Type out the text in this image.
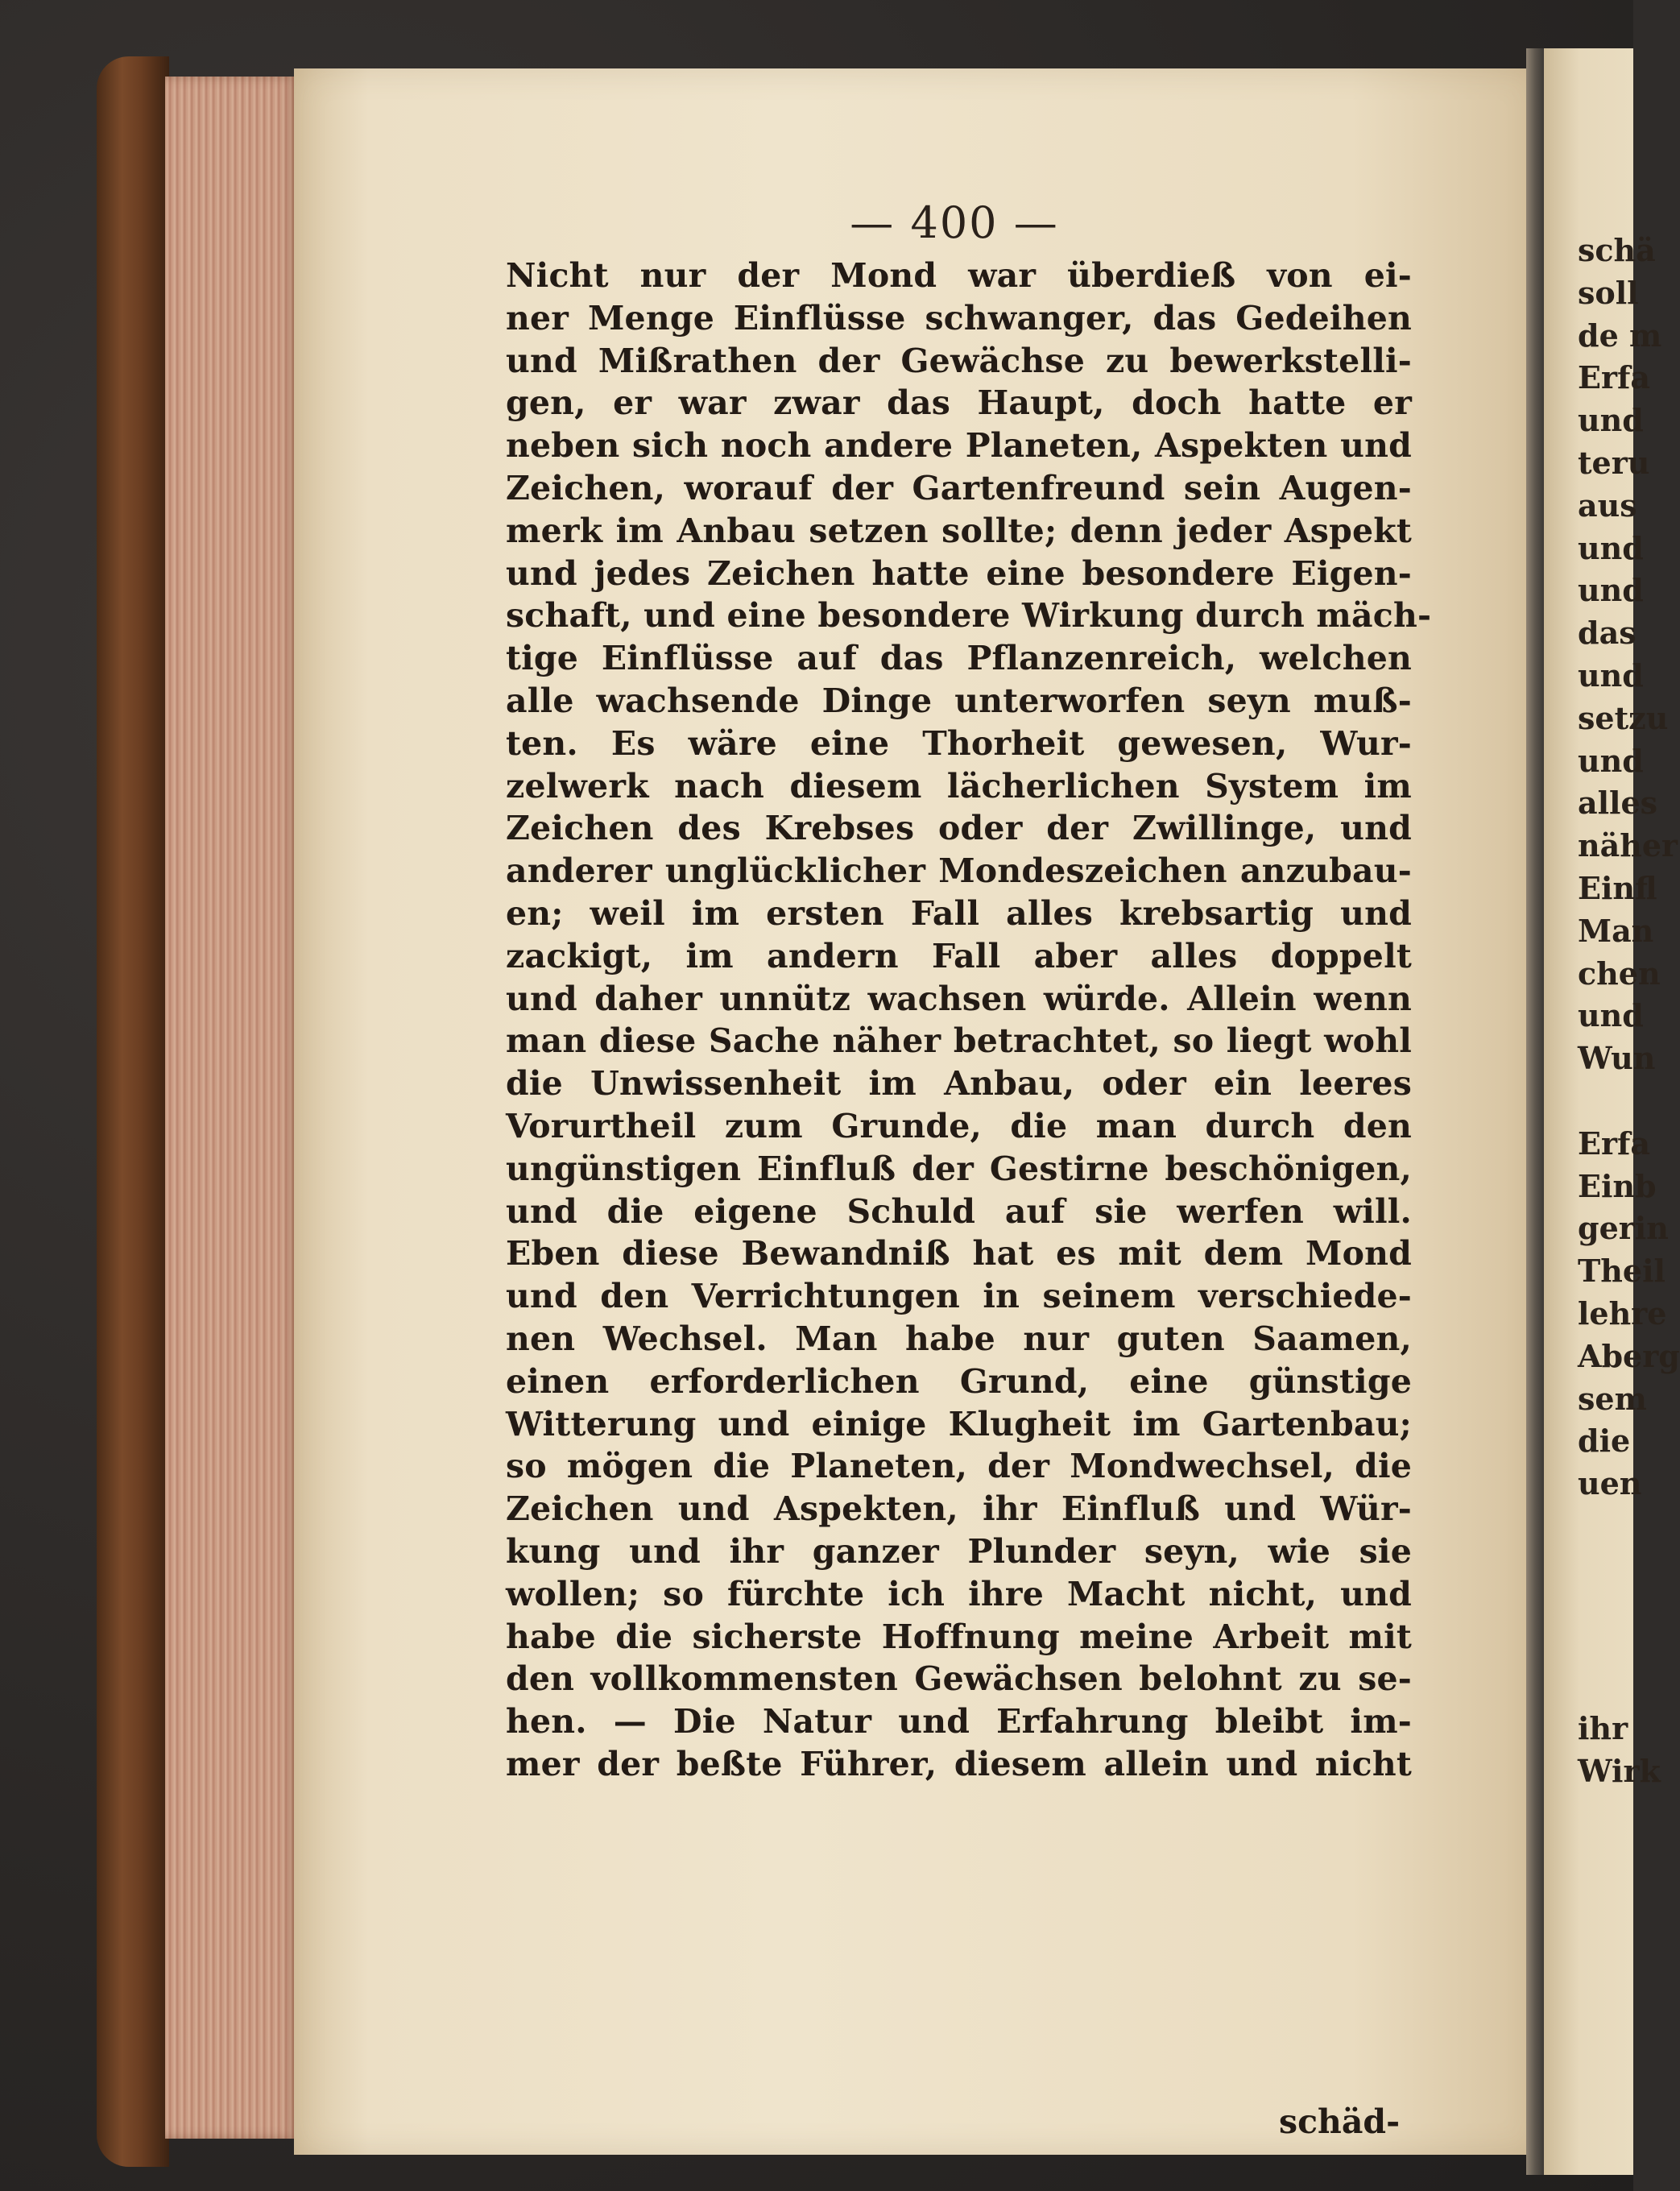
— 400 —
Nicht nur der Mond war überdieß von ei-
ner Menge Einflüsse schwanger, das Gedeihen
und Mißrathen der Gewächse zu bewerkstelli-
gen, er war zwar das Haupt, doch hatte er
neben sich noch andere Planeten, Aspekten und
Zeichen, worauf der Gartenfreund sein Augen-
merk im Anbau setzen sollte; denn jeder Aspekt
und jedes Zeichen hatte eine besondere Eigen-
schaft, und eine besondere Wirkung durch mäch-
tige Einflüsse auf das Pflanzenreich, welchen
alle wachsende Dinge unterworfen seyn muß-
ten. Es wäre eine Thorheit gewesen, Wur-
zelwerk nach diesem lächerlichen System im
Zeichen des Krebses oder der Zwillinge, und
anderer unglücklicher Mondeszeichen anzubau-
en; weil im ersten Fall alles krebsartig und
zackigt, im andern Fall aber alles doppelt
und daher unnütz wachsen würde. Allein wenn
man diese Sache näher betrachtet, so liegt wohl
die Unwissenheit im Anbau, oder ein leeres
Vorurtheil zum Grunde, die man durch den
ungünstigen Einfluß der Gestirne beschönigen,
und die eigene Schuld auf sie werfen will.
Eben diese Bewandniß hat es mit dem Mond
und den Verrichtungen in seinem verschiede-
nen Wechsel. Man habe nur guten Saamen,
einen erforderlichen Grund, eine günstige
Witterung und einige Klugheit im Gartenbau;
so mögen die Planeten, der Mondwechsel, die
Zeichen und Aspekten, ihr Einfluß und Wür-
kung und ihr ganzer Plunder seyn, wie sie
wollen; so fürchte ich ihre Macht nicht, und
habe die sicherste Hoffnung meine Arbeit mit
den vollkommensten Gewächsen belohnt zu se-
hen. — Die Natur und Erfahrung bleibt im-
mer der beßte Führer, diesem allein und nicht
schäd-
schä
soll
de m
Erfa
und
teru
aus
und
und
das
und
setzu
und
alles
näher
Einfl
Man
chen
und
Wun
Erfa
Einb
gerin
Theil
lehre
Aberg
sem
die
uen
ihr
Wirk
